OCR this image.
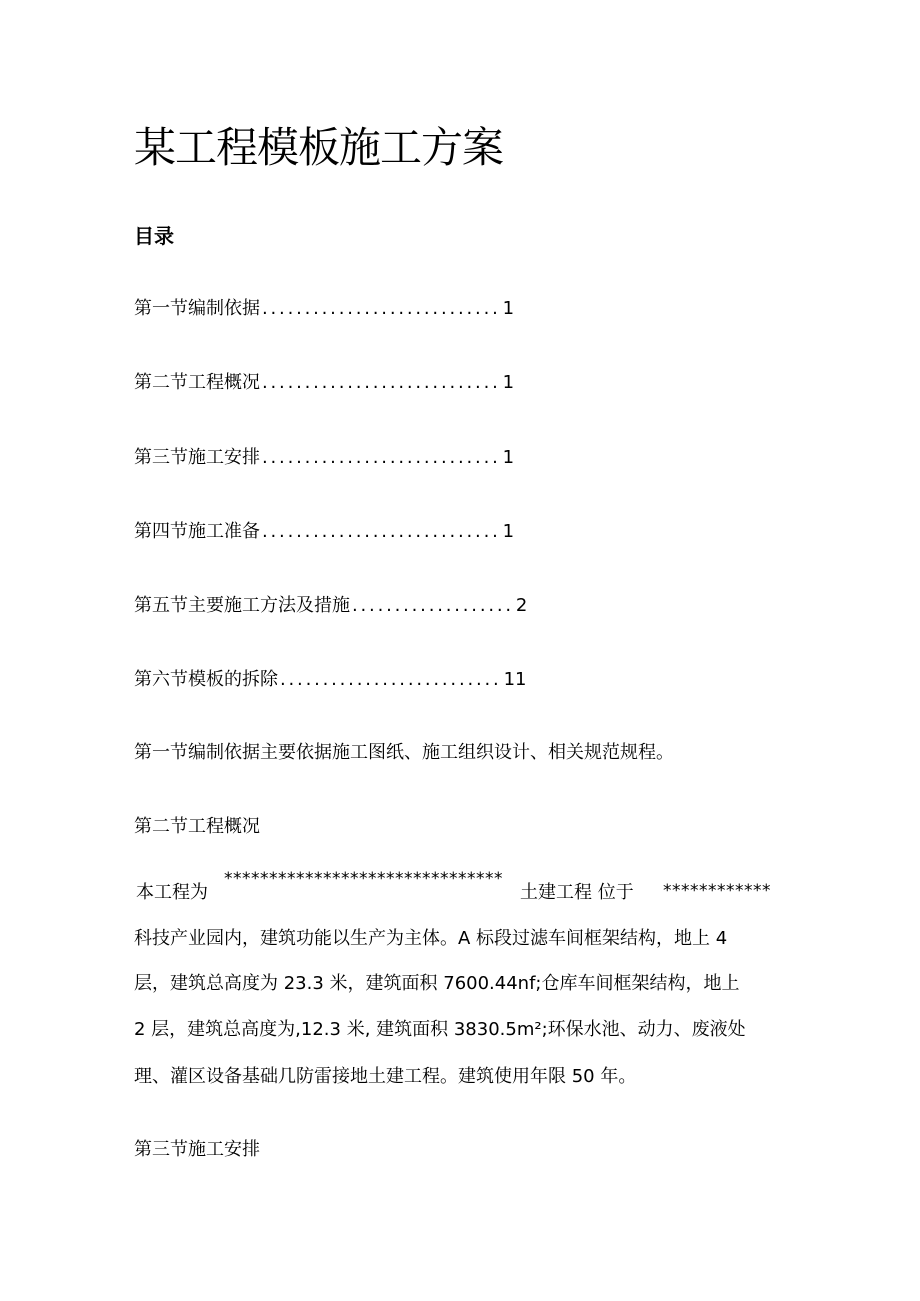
某工程模板施工方案
目录
第一节编制依据 ............................ 1
第二节工程概况 ............................ 1
第三节施工安排 ............................ 1
第四节施工准备 ............................ 1
第五节主要施工方法及措施 ................... 2
第六节模板的拆除 .......................... 11
第一节编制依据主要依据施工图纸、施工组织设计、相关规范规程。
第二节工程概况
本工程为
*******************************
土建工程 位于 ************
科技产业园内，建筑功能以生产为主体。A 标段过滤车间框架结构，地上 4
层，建筑总高度为 23.3 米，建筑面积 7600.44nf;仓库车间框架结构，地上
2 层，建筑总高度为,12.3 米, 建筑面积 3830.5m²;环保水池、动力、废液处
理、灌区设备基础几防雷接地土建工程。建筑使用年限 50 年。
第三节施工安排
